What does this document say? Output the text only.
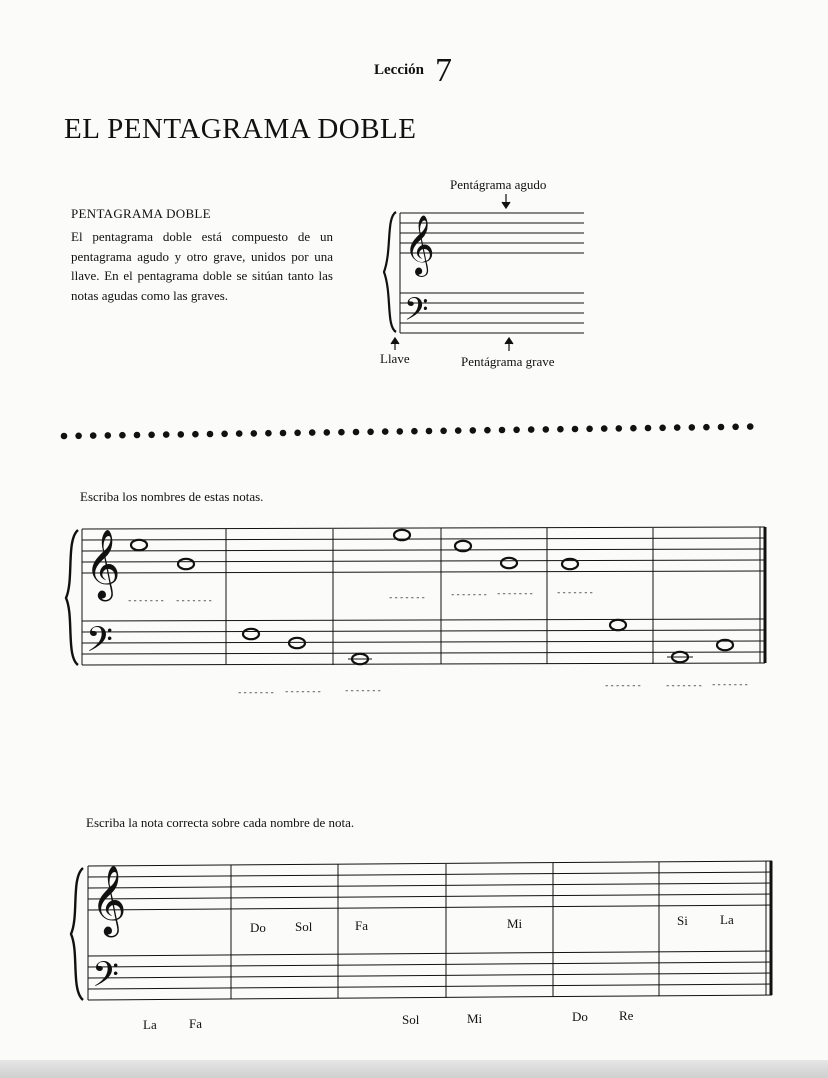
Lección 7
EL PENTAGRAMA DOBLE
PENTAGRAMA DOBLE
El pentagrama doble está compuesto de un pentagrama agudo y otro grave, unidos por una llave. En el pentagrama doble se sitúan tanto las notas agudas como las graves.
Pentágrama agudo
Llave	Pentágrama grave
Escriba los nombres de estas notas.
Escriba la nota correcta sobre cada nombre de nota.
Do Sol	Fa	Mi	Si La
La Fa	Sol	Mi	Do Re
𝄞
𝄢
𝄞
𝄢
𝄞
𝄢
------- -------	-------	------- ------- -------
------- ------- -------	-------	------- -------
